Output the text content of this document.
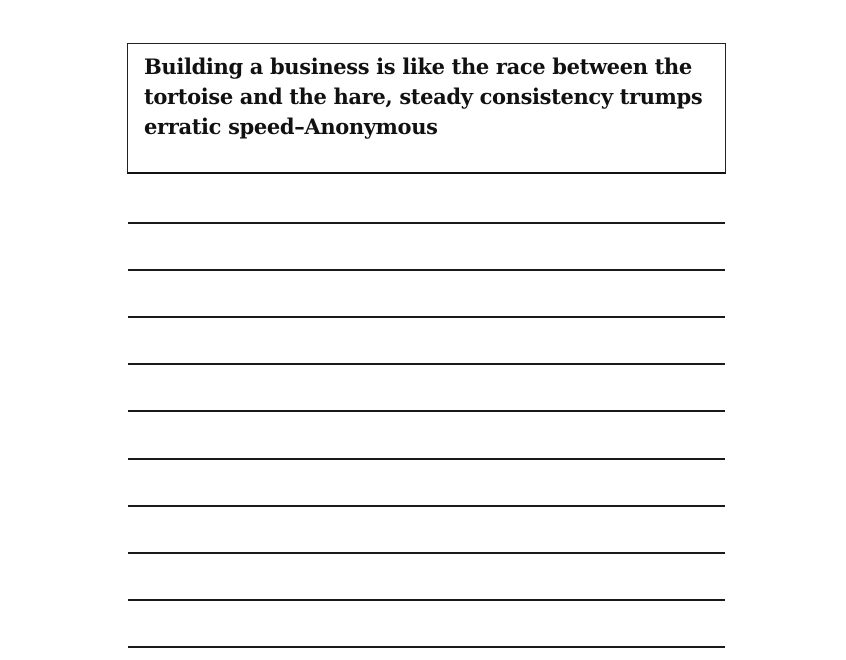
Building a business is like the race between the tortoise and the hare, steady consistency trumps erratic speed–Anonymous
